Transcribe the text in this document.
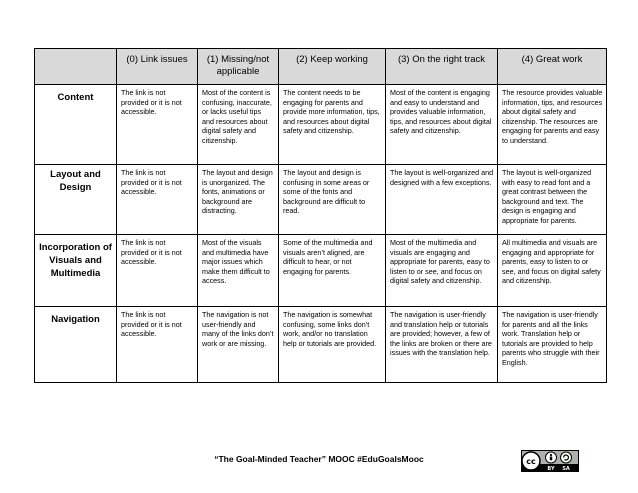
	(0) Link issues	(1) Missing/not applicable	(2) Keep working	(3) On the right track	(4) Great work
Content	The link is not provided or it is not accessible.	Most of the content is confusing, inaccurate, or lacks useful tips and resources about digital safety and citizenship.	The content needs to be engaging for parents and provide more information, tips, and resources about digital safety and citizenship.	Most of the content is engaging and easy to understand and provides valuable information, tips, and resources about digital safety and citizenship.	The resource provides valuable information, tips, and resources about digital safety and citizenship. The resources are engaging for parents and easy to understand.
Layout and Design	The link is not provided or it is not accessible.	The layout and design is unorganized. The fonts, animations or background are distracting.	The layout and design is confusing in some areas or some of the fonts and background are difficult to read.	The layout is well-organized and designed with a few exceptions.	The layout is well-organized with easy to read font and a great contrast between the background and text. The design is engaging and appropriate for parents.
Incorporation of Visuals and Multimedia	The link is not provided or it is not accessible.	Most of the visuals and multimedia have major issues which make them difficult to access.	Some of the multimedia and visuals aren’t aligned, are difficult to hear, or not engaging for parents.	Most of the multimedia and visuals are engaging and appropriate for parents, easy to listen to or see, and focus on digital safety and citizenship.	All multimedia and visuals are engaging and appropriate for parents, easy to listen to or see, and focus on digital safety and citizenship.
Navigation	The link is not provided or it is not accessible.	The navigation is not user-friendly and many of the links don’t work or are missing.	The navigation is somewhat confusing, some links don’t work, and/or no translation help or tutorials are provided.	The navigation is user-friendly and translation help or tutorials are provided; however, a few of the links are broken or there are issues with the translation help.	The navigation is user-friendly for parents and all the links work. Translation help or tutorials are provided to help parents who struggle with their English.
“The Goal-Minded Teacher” MOOC #EduGoalsMooc	cc
BY SA
